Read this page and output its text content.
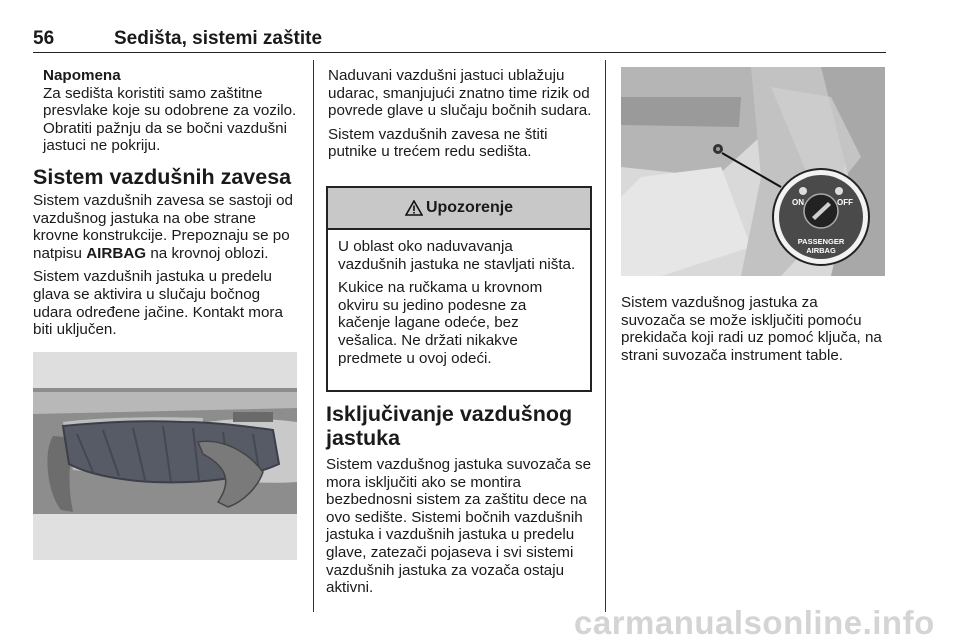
56	Sedišta, sistemi zaštite
Napomena
Za sedišta koristiti samo zaštitne presvlake koje su odobrene za vozilo. Obratiti pažnju da se bočni vazdušni jastuci ne pokriju.
Sistem vazdušnih zavesa

Sistem vazdušnih zavesa se sastoji od vazdušnog jastuka na obe strane krovne konstrukcije. Prepoznaju se po natpisu AIRBAG na krovnoj oblozi.

Sistem vazdušnih jastuka u predelu glava se aktivira u slučaju bočnog udara određene jačine. Kontakt mora biti uključen.

Naduvani vazdušni jastuci ublažuju udarac, smanjujući znatno time rizik od povrede glave u slučaju bočnih sudara.

Sistem vazdušnih zavesa ne štiti putnike u trećem redu sedišta.

Upozorenje

U oblast oko naduvavanja vazdušnih jastuka ne stavljati ništa.

Kukice na ručkama u krovnom okviru su jedino podesne za kačenje lagane odeće, bez vešalica. Ne držati nikakve predmete u ovoj odeći.

Isključivanje vazdušnog jastuka

Sistem vazdušnog jastuka suvozača se mora isključiti ako se montira bezbednosni sistem za zaštitu dece na ovo sedište. Sistemi bočnih vazdušnih jastuka i vazdušnih jastuka u predelu glave, zatezači pojaseva i svi sistemi vazdušnih jastuka za vozača ostaju aktivni.

ON	OFF
PASSENGER
AIRBAG
Sistem vazdušnog jastuka za suvozača se može isključiti pomoću prekidača koji radi uz pomoć ključa, na strani suvozača instrument table.
carmanualsonline.info
